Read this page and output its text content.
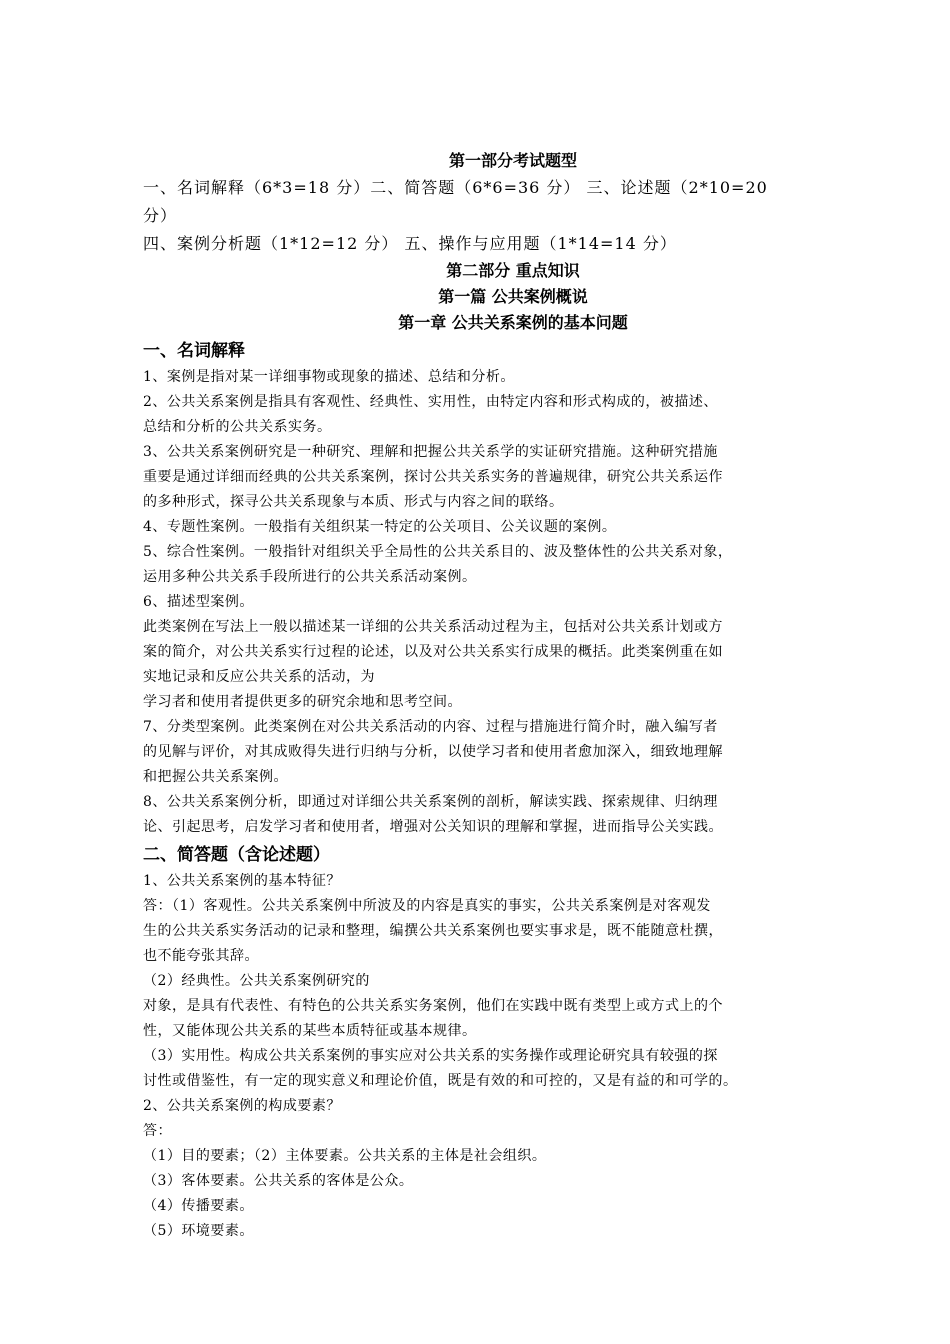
第一部分考试题型
一、名词解释（6*3=18 分）二、简答题（6*6=36 分） 三、论述题（2*10=20
分）
四、案例分析题（1*12=12 分） 五、操作与应用题（1*14=14 分）
第二部分 重点知识
第一篇 公共案例概说
第一章 公共关系案例的基本问题
一、名词解释

1、案例是指对某一详细事物或现象的描述、总结和分析。

2、公共关系案例是指具有客观性、经典性、实用性，由特定内容和形式构成的，被描述、

总结和分析的公共关系实务。

3、公共关系案例研究是一种研究、理解和把握公共关系学的实证研究措施。这种研究措施

重要是通过详细而经典的公共关系案例，探讨公共关系实务的普遍规律，研究公共关系运作

的多种形式，探寻公共关系现象与本质、形式与内容之间的联络。

4、专题性案例。一般指有关组织某一特定的公关项目、公关议题的案例。

5、综合性案例。一般指针对组织关乎全局性的公共关系目的、波及整体性的公共关系对象，

运用多种公共关系手段所进行的公共关系活动案例。

6、描述型案例。

此类案例在写法上一般以描述某一详细的公共关系活动过程为主，包括对公共关系计划或方

案的简介，对公共关系实行过程的论述，以及对公共关系实行成果的概括。此类案例重在如

实地记录和反应公共关系的活动，为

学习者和使用者提供更多的研究余地和思考空间。

7、分类型案例。此类案例在对公共关系活动的内容、过程与措施进行简介时，融入编写者

的见解与评价，对其成败得失进行归纳与分析，以使学习者和使用者愈加深入，细致地理解

和把握公共关系案例。

8、公共关系案例分析，即通过对详细公共关系案例的剖析，解读实践、探索规律、归纳理

论、引起思考，启发学习者和使用者，增强对公关知识的理解和掌握，进而指导公关实践。

二、简答题（含论述题）

1、公共关系案例的基本特征？

答：（1）客观性。公共关系案例中所波及的内容是真实的事实，公共关系案例是对客观发

生的公共关系实务活动的记录和整理，编撰公共关系案例也要实事求是，既不能随意杜撰，

也不能夸张其辞。

（2）经典性。公共关系案例研究的

对象，是具有代表性、有特色的公共关系实务案例，他们在实践中既有类型上或方式上的个

性，又能体现公共关系的某些本质特征或基本规律。

（3）实用性。构成公共关系案例的事实应对公共关系的实务操作或理论研究具有较强的探

讨性或借鉴性，有一定的现实意义和理论价值，既是有效的和可控的，又是有益的和可学的。

2、公共关系案例的构成要素？

答：

（1）目的要素；（2）主体要素。公共关系的主体是社会组织。

（3）客体要素。公共关系的客体是公众。

（4）传播要素。

（5）环境要素。
